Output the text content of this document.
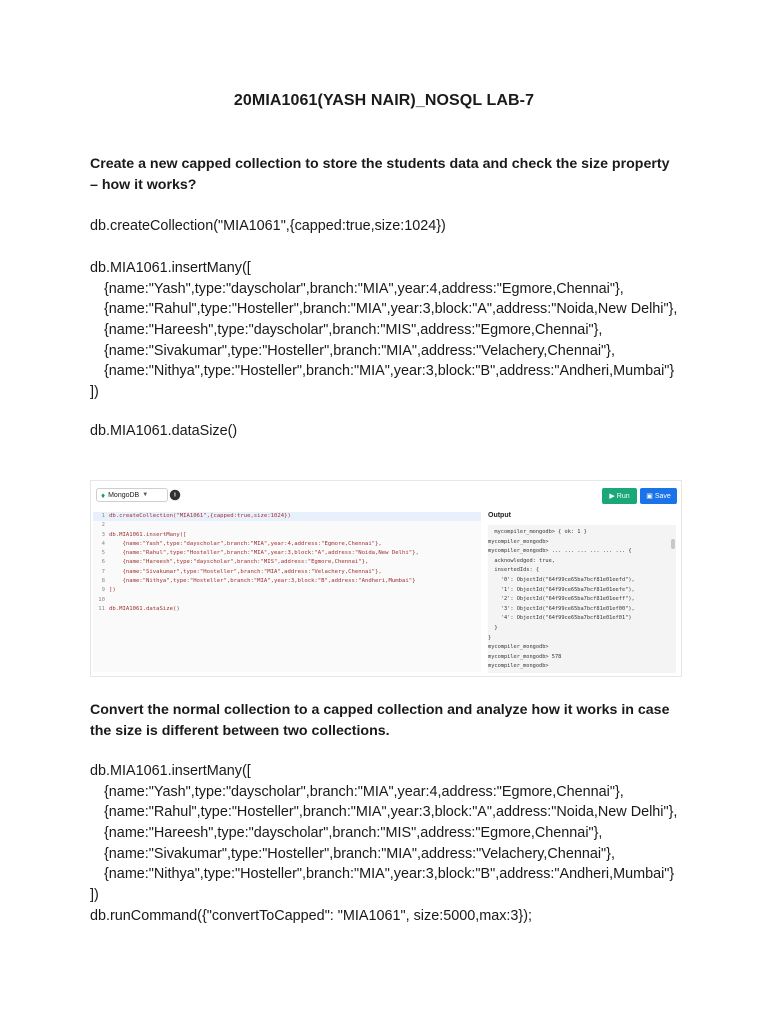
20MIA1061(YASH NAIR)_NOSQL LAB-7
Create a new capped collection to store the students data and check the size property – how it works?
db.createCollection("MIA1061",{capped:true,size:1024})
db.MIA1061.insertMany([
{name:"Yash",type:"dayscholar",branch:"MIA",year:4,address:"Egmore,Chennai"},
{name:"Rahul",type:"Hosteller",branch:"MIA",year:3,block:"A",address:"Noida,New Delhi"},
{name:"Hareesh",type:"dayscholar",branch:"MIS",address:"Egmore,Chennai"},
{name:"Sivakumar",type:"Hosteller",branch:"MIA",address:"Velachery,Chennai"},
{name:"Nithya",type:"Hosteller",branch:"MIA",year:3,block:"B",address:"Andheri,Mumbai"}
])
db.MIA1061.dataSize()
♦ MongoDB ▼	i	▶ Run ▣ Save
1 db.createCollection("MIA1061",{capped:true,size:1024})
2
3 db.MIA1061.insertMany([
4 {name:"Yash",type:"dayscholar",branch:"MIA",year:4,address:"Egmore,Chennai"},
5 {name:"Rahul",type:"Hosteller",branch:"MIA",year:3,block:"A",address:"Noida,New Delhi"},
6 {name:"Hareesh",type:"dayscholar",branch:"MIS",address:"Egmore,Chennai"},
7 {name:"Sivakumar",type:"Hosteller",branch:"MIA",address:"Velachery,Chennai"},
8 {name:"Nithya",type:"Hosteller",branch:"MIA",year:3,block:"B",address:"Andheri,Mumbai"}
9 ])
10
11 db.MIA1061.dataSize()
Output
mycompiler_mongodb> { ok: 1 }
mycompiler_mongodb>
mycompiler_mongodb> ... ... ... ... ... ... {
acknowledged: true,
insertedIds: {
'0': ObjectId("64f99ce65ba7bcf81e01eefd"),
'1': ObjectId("64f99ce65ba7bcf81e01eefe"),
'2': ObjectId("64f99ce65ba7bcf81e01eeff"),
'3': ObjectId("64f99ce65ba7bcf81e01ef00"),
'4': ObjectId("64f99ce65ba7bcf81e01ef01")
}
}
mycompiler_mongodb>
mycompiler_mongodb> 578
mycompiler_mongodb>
Convert the normal collection to a capped collection and analyze how it works in case the size is different between two collections.
db.MIA1061.insertMany([
{name:"Yash",type:"dayscholar",branch:"MIA",year:4,address:"Egmore,Chennai"},
{name:"Rahul",type:"Hosteller",branch:"MIA",year:3,block:"A",address:"Noida,New Delhi"},
{name:"Hareesh",type:"dayscholar",branch:"MIS",address:"Egmore,Chennai"},
{name:"Sivakumar",type:"Hosteller",branch:"MIA",address:"Velachery,Chennai"},
{name:"Nithya",type:"Hosteller",branch:"MIA",year:3,block:"B",address:"Andheri,Mumbai"}
])
db.runCommand({"convertToCapped": "MIA1061", size:5000,max:3});
